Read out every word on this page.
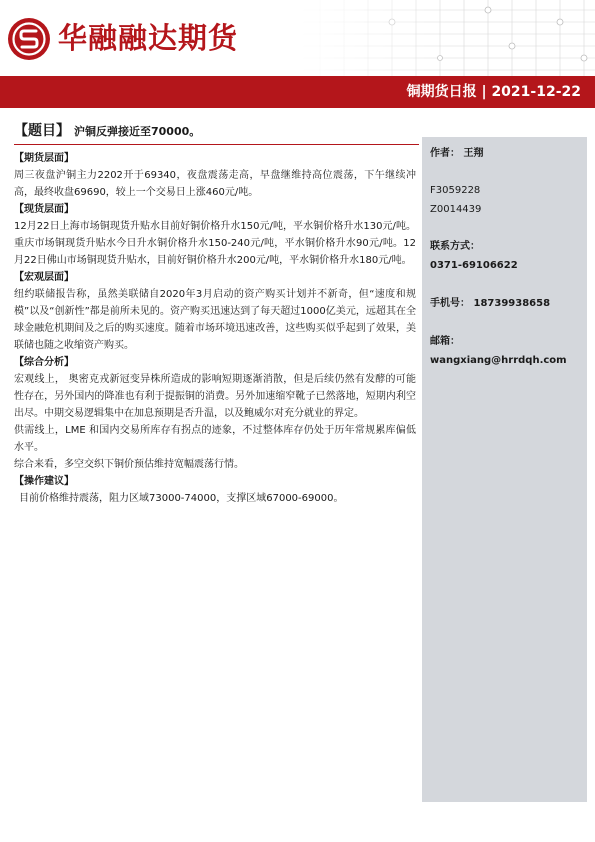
华融融达期货
铜期货日报 | 2021-12-22
【题目】 沪铜反弹接近至70000。
【期货层面】
周三夜盘沪铜主力2202开于69340，夜盘震荡走高，早盘继维持高位震荡，下午继续冲高，最终收盘69690，较上一个交易日上涨460元/吨。
【现货层面】
12月22日上海市场铜现货升贴水目前好铜价格升水150元/吨，平水铜价格升水130元/吨。重庆市场铜现货升贴水今日升水铜价格升水150-240元/吨，平水铜价格升水90元/吨。12月22日佛山市场铜现货升贴水，目前好铜价格升水200元/吨，平水铜价格升水180元/吨。
【宏观层面】
纽约联储报告称，虽然美联储自2020年3月启动的资产购买计划并不新奇，但“速度和规模”以及“创新性”都是前所未见的。资产购买迅速达到了每天超过1000亿美元，远超其在全球金融危机期间及之后的购买速度。随着市场环境迅速改善，这些购买似乎起到了效果，美联储也随之收缩资产购买。
【综合分析】
宏观线上， 奥密克戎新冠变异株所造成的影响短期逐渐消散，但是后续仍然有发酵的可能性存在，另外国内的降准也有利于提振铜的消费。另外加速缩窄靴子已然落地，短期内利空出尽。中期交易逻辑集中在加息预期是否升温，以及鲍威尔对充分就业的界定。
供需线上，LME 和国内交易所库存有拐点的迹象，不过整体库存仍处于历年常规累库偏低水平。
综合来看，多空交织下铜价预估维持宽幅震荡行情。
【操作建议】
目前价格维持震荡，阻力区域73000-74000，支撑区域67000-69000。

作者： 王翔

F3059228

Z0014439

联系方式：

0371-69106622

手机号： 18739938658

邮箱：

wangxiang@hrrdqh.com
